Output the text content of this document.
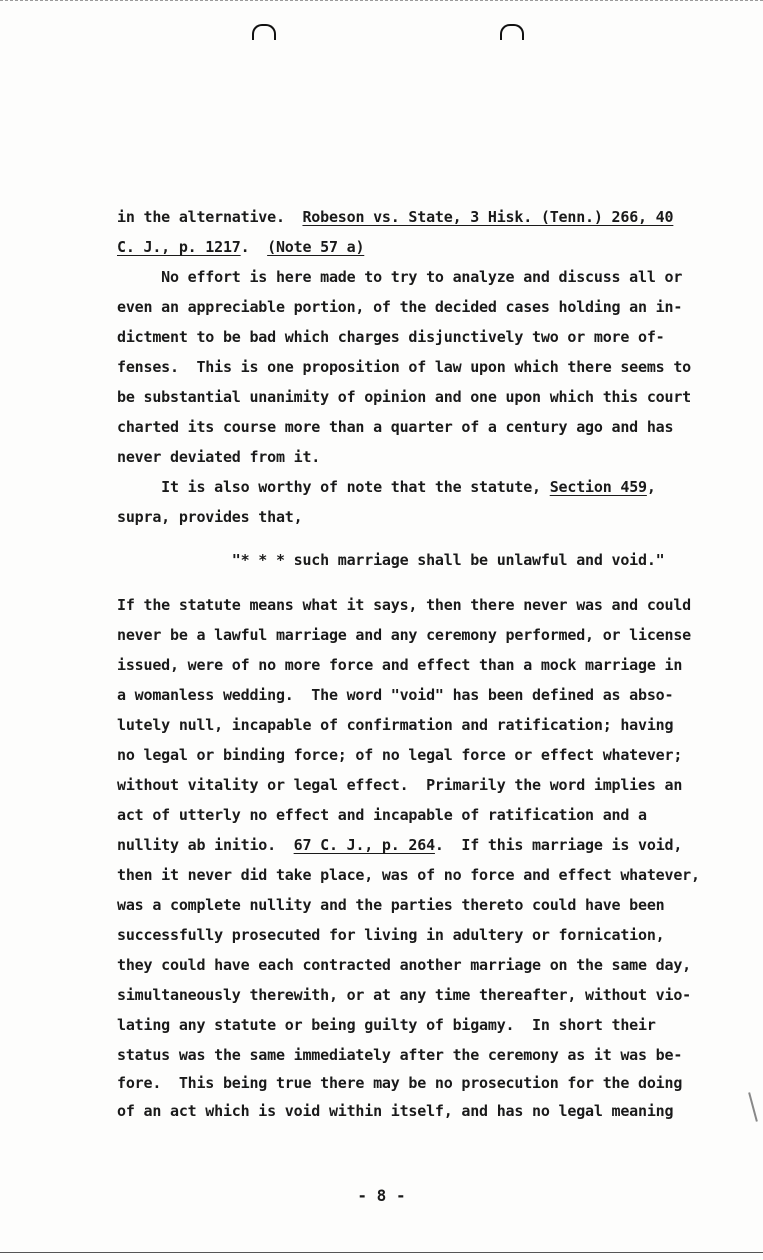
in the alternative.  Robeson vs. State, 3 Hisk. (Tenn.) 266, 40
C. J., p. 1217.  (Note 57 a)
No effort is here made to try to analyze and discuss all or
even an appreciable portion, of the decided cases holding an in-
dictment to be bad which charges disjunctively two or more of-
fenses.  This is one proposition of law upon which there seems to
be substantial unanimity of opinion and one upon which this court
charted its course more than a quarter of a century ago and has
never deviated from it.
It is also worthy of note that the statute, Section 459,
supra, provides that,
"* * * such marriage shall be unlawful and void."
If the statute means what it says, then there never was and could
never be a lawful marriage and any ceremony performed, or license
issued, were of no more force and effect than a mock marriage in
a womanless wedding.  The word "void" has been defined as abso-
lutely null, incapable of confirmation and ratification; having
no legal or binding force; of no legal force or effect whatever;
without vitality or legal effect.  Primarily the word implies an
act of utterly no effect and incapable of ratification and a
nullity ab initio.  67 C. J., p. 264.  If this marriage is void,
then it never did take place, was of no force and effect whatever,
was a complete nullity and the parties thereto could have been
successfully prosecuted for living in adultery or fornication,
they could have each contracted another marriage on the same day,
simultaneously therewith, or at any time thereafter, without vio-
lating any statute or being guilty of bigamy.  In short their
status was the same immediately after the ceremony as it was be-
fore.  This being true there may be no prosecution for the doing
of an act which is void within itself, and has no legal meaning
- 8 -
